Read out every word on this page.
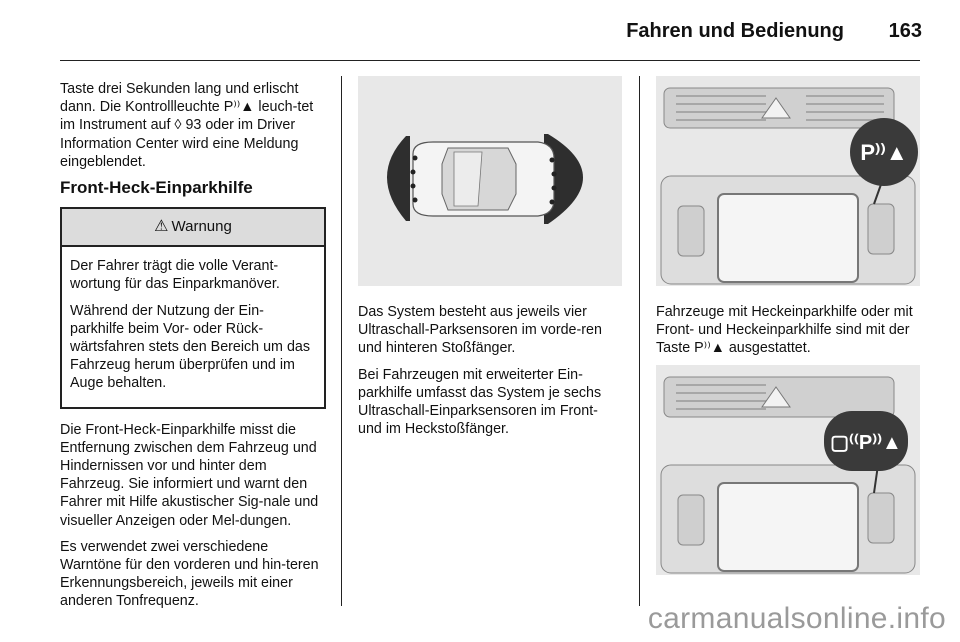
Fahren und Bedienung 163

Taste drei Sekunden lang und erlischt dann. Die Kontrollleuchte P⁾⁾▲ leuch-tet im Instrument auf ◊ 93 oder im Driver Information Center wird eine Meldung eingeblendet.

Front-Heck-Einparkhilfe
⚠ Warnung

Der Fahrer trägt die volle Verant-wortung für das Einparkmanöver.

Während der Nutzung der Ein-parkhilfe beim Vor- oder Rück-wärtsfahren stets den Bereich um das Fahrzeug herum überprüfen und im Auge behalten.

Die Front-Heck-Einparkhilfe misst die Entfernung zwischen dem Fahrzeug und Hindernissen vor und hinter dem Fahrzeug. Sie informiert und warnt den Fahrer mit Hilfe akustischer Sig-nale und visueller Anzeigen oder Mel-dungen.

Es verwendet zwei verschiedene Warntöne für den vorderen und hin-teren Erkennungsbereich, jeweils mit einer anderen Tonfrequenz.

P⁾⁾▲
▢⁽⁽P⁾⁾▲

Das System besteht aus jeweils vier Ultraschall-Parksensoren im vorde-ren und hinteren Stoßfänger.

Bei Fahrzeugen mit erweiterter Ein-parkhilfe umfasst das System je sechs Ultraschall-Einparksensoren im Front- und im Heckstoßfänger.

Fahrzeuge mit Heckeinparkhilfe oder mit Front- und Heckeinparkhilfe sind mit der Taste P⁾⁾▲ ausgestattet.

carmanualsonline.info
